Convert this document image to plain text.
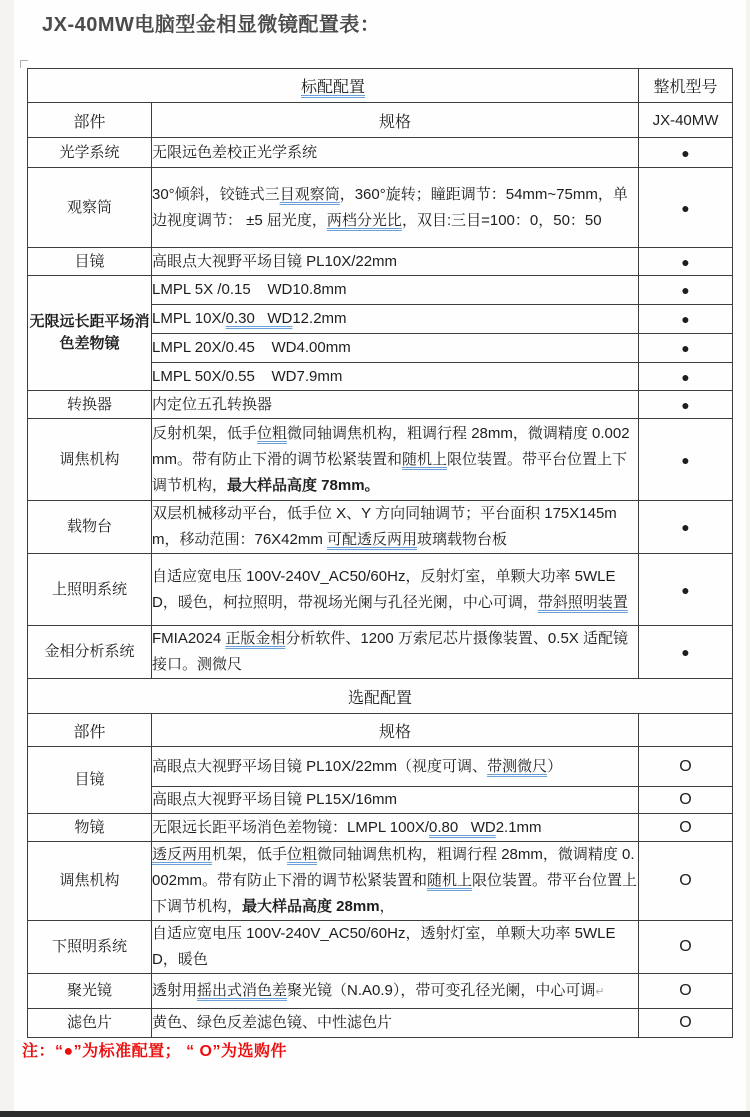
JX-40MW电脑型金相显微镜配置表：
标配配置		整机型号
部件	规格	JX-40MW
光学系统	无限远色差校正光学系统	●
观察筒	30°倾斜，铰链式三目观察筒，360°旋转；瞳距调节：54mm~75mm，单边视度调节： ±5 屈光度，两档分光比，双目:三目=100：0，50：50	●
目镜	高眼点大视野平场目镜 PL10X/22mm	●
无限远长距平场消色差物镜	LMPL 5X /0.15    WD10.8mm	●
	LMPL 10X/0.30   WD12.2mm	●
	LMPL 20X/0.45    WD4.00mm	●
	LMPL 50X/0.55    WD7.9mm	●
转换器	内定位五孔转换器	●
调焦机构	反射机架，低手位粗微同轴调焦机构，粗调行程 28mm，微调精度 0.002mm。带有防止下滑的调节松紧装置和随机上限位装置。带平台位置上下调节机构，最大样品高度 78mm。	●
载物台	双层机械移动平台，低手位 X、Y 方向同轴调节；平台面积 175X145mm，移动范围：76X42mm 可配透反两用玻璃载物台板	●
上照明系统	自适应宽电压 100V-240V_AC50/60Hz，反射灯室，单颗大功率 5WLED，暖色，柯拉照明，带视场光阑与孔径光阑，中心可调，带斜照明装置	●
金相分析系统	FMIA2024 正版金相分析软件、1200 万索尼芯片摄像装置、0.5X 适配镜接口。测微尺	●
选配配置		
部件	规格	
目镜	高眼点大视野平场目镜 PL10X/22mm（视度可调、带测微尺）	O
	高眼点大视野平场目镜 PL15X/16mm	O
物镜	无限远长距平场消色差物镜：LMPL 100X/0.80   WD2.1mm	O
调焦机构	透反两用机架，低手位粗微同轴调焦机构，粗调行程 28mm，微调精度 0.002mm。带有防止下滑的调节松紧装置和随机上限位装置。带平台位置上下调节机构，最大样品高度 28mm，	O
下照明系统	自适应宽电压 100V-240V_AC50/60Hz，透射灯室，单颗大功率 5WLED，暖色	O
聚光镜	透射用摇出式消色差聚光镜（N.A0.9），带可变孔径光阑，中心可调↵	O
滤色片	黄色、绿色反差滤色镜、中性滤色片	O
注：“●”为标准配置； “ O”为选购件
